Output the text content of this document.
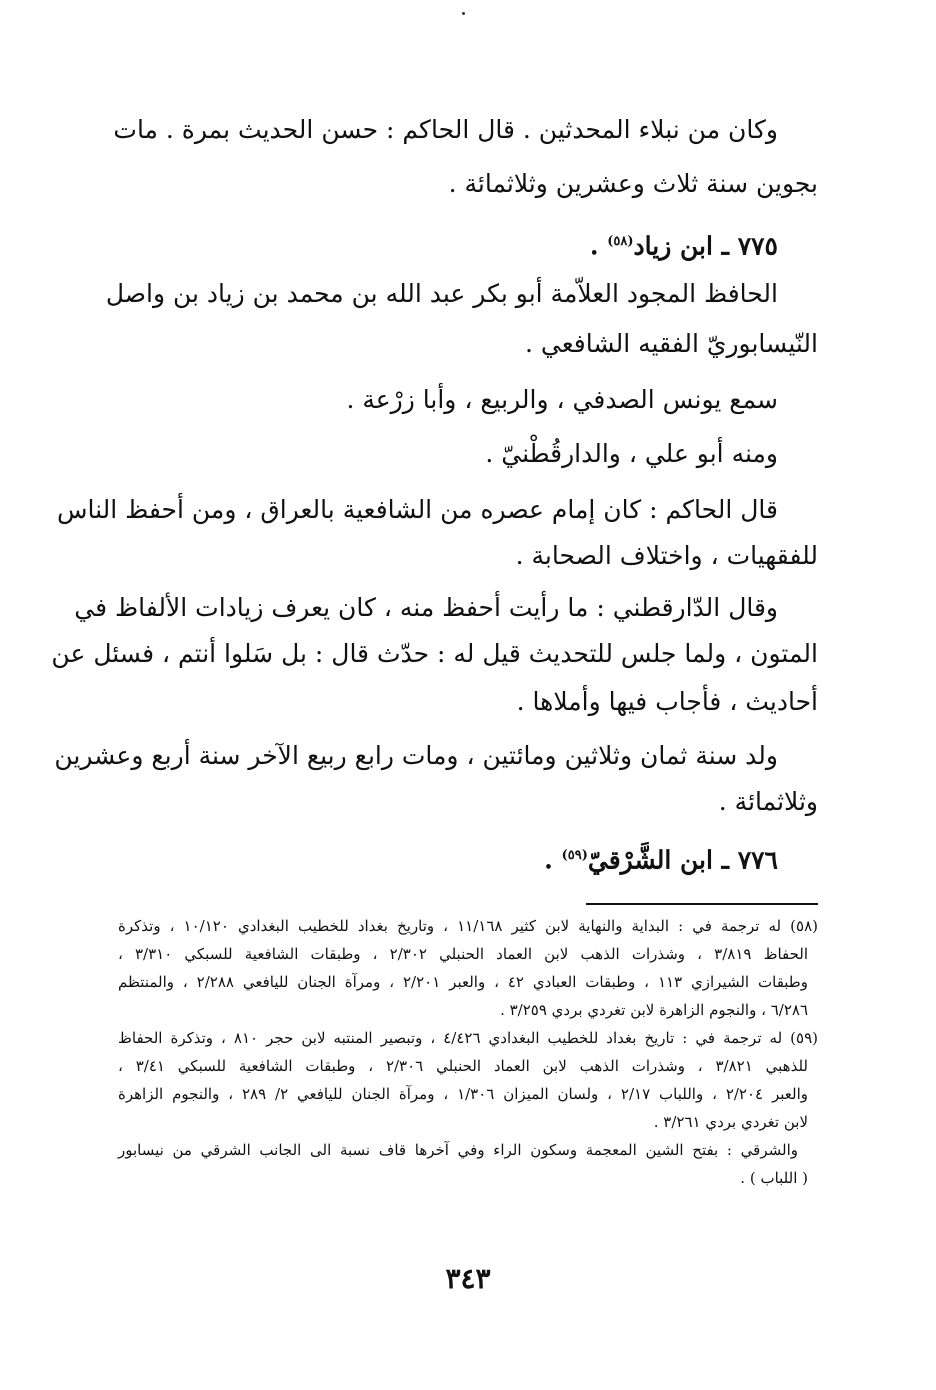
وكان من نبلاء المحدثين . قال الحاكم : حسن الحديث بمرة . مات
بجوين سنة ثلاث وعشرين وثلاثمائة .
٧٧٥ ـ ابن زياد$^{(٥٨)}$ .
الحافظ المجود العلاّمة أبو بكر عبد الله بن محمد بن زياد بن واصل
النّيسابوريّ الفقيه الشافعي .
سمع يونس الصدفي ، والربيع ، وأبا زرْعة .
ومنه أبو علي ، والدارقُطْنيّ .
قال الحاكم : كان إمام عصره من الشافعية بالعراق ، ومن أحفظ الناس
للفقهيات ، واختلاف الصحابة .
وقال الدّارقطني : ما رأيت أحفظ منه ، كان يعرف زيادات الألفاظ في
المتون ، ولما جلس للتحديث قيل له : حدّث قال : بل سَلوا أنتم ، فسئل عن
أحاديث ، فأجاب فيها وأملاها .
ولد سنة ثمان وثلاثين ومائتين ، ومات رابع ربيع الآخر سنة أربع وعشرين
وثلاثمائة .
٧٧٦ ـ ابن الشَّرْقيّ$^{(٥٩)}$ .
(٥٨) له ترجمة في : البداية والنهاية لابن كثير ١١/١٦٨ ، وتاريخ بغداد للخطيب البغدادي ١٠/١٢٠ ، وتذكرة
الحفاظ ٣/٨١٩ ، وشذرات الذهب لابن العماد الحنبلي ٢/٣٠٢ ، وطبقات الشافعية للسبكي ٣/٣١٠ ،
وطبقات الشيرازي ١١٣ ، وطبقات العبادي ٤٢ ، والعبر ٢/٢٠١ ، ومرآة الجنان لليافعي ٢/٢٨٨ ، والمنتظم
٦/٢٨٦ ، والنجوم الزاهرة لابن تغردي بردي ٣/٢٥٩ .
(٥٩) له ترجمة في : تاريخ بغداد للخطيب البغدادي ٤/٤٢٦ ، وتبصير المنتبه لابن حجر ٨١٠ ، وتذكرة الحفاظ
للذهبي ٣/٨٢١ ، وشذرات الذهب لابن العماد الحنبلي ٢/٣٠٦ ، وطبقات الشافعية للسبكي ٣/٤١ ،
والعبر ٢/٢٠٤ ، واللباب ٢/١٧ ، ولسان الميزان ١/٣٠٦ ، ومرآة الجنان لليافعي ٢/ ٢٨٩ ، والنجوم الزاهرة
لابن تغردي بردي ٣/٢٦١ .
والشرقي : بفتح الشين المعجمة وسكون الراء وفي آخرها قاف نسبة الى الجانب الشرقي من نيسابور
( اللباب ) .
٣٤٣
